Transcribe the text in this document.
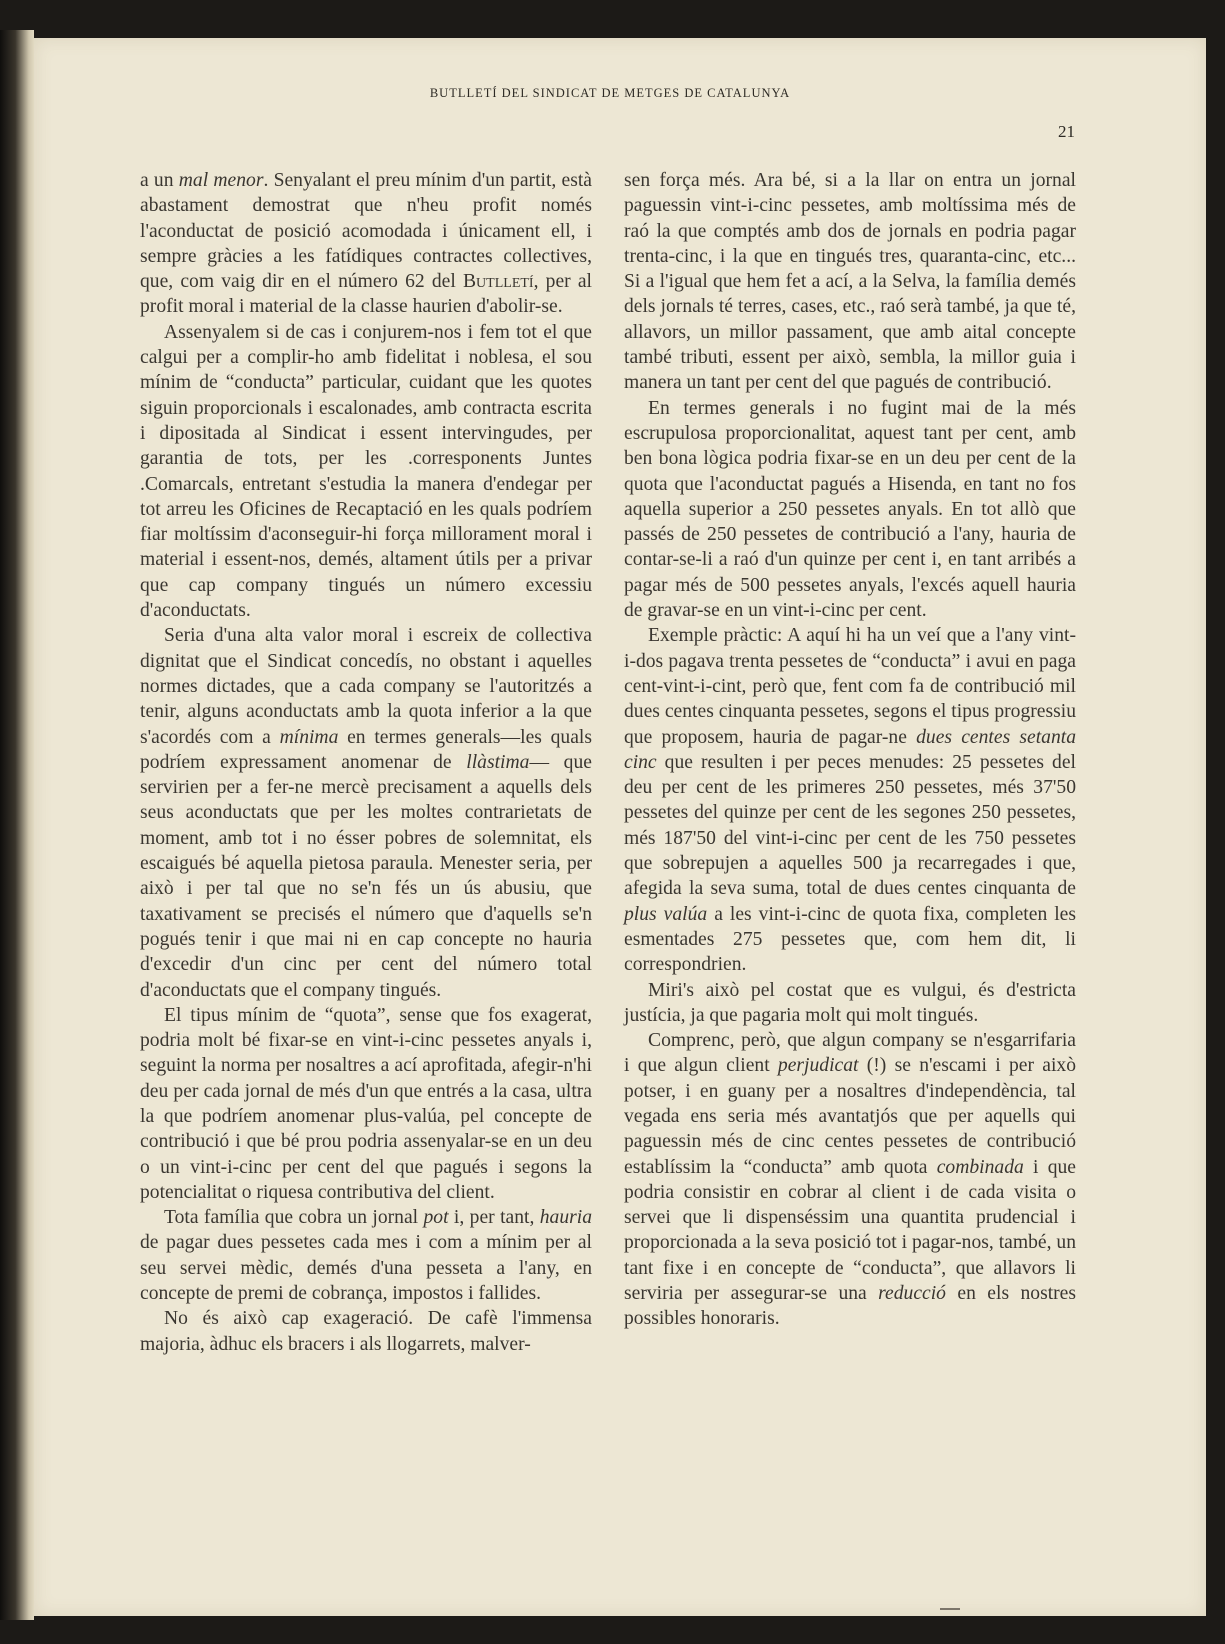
BUTLLETÍ DEL SINDICAT DE METGES DE CATALUNYA
21

a un mal menor. Senyalant el preu mínim d'un partit, està abastament demostrat que n'heu profit només l'aconductat de posició acomodada i únicament ell, i sempre gràcies a les fatídiques contractes collectives, que, com vaig dir en el número 62 del Butlletí, per al profit moral i material de la classe haurien d'abolir-se.

Assenyalem si de cas i conjurem-nos i fem tot el que calgui per a complir-ho amb fidelitat i noblesa, el sou mínim de “conducta” particular, cuidant que les quotes siguin proporcionals i escalonades, amb contracta escrita i dipositada al Sindicat i essent intervingudes, per garantia de tots, per les .corresponents Juntes .Comarcals, entretant s'estudia la manera d'endegar per tot arreu les Oficines de Recaptació en les quals podríem fiar moltíssim d'aconseguir-hi força millorament moral i material i essent-nos, demés, altament útils per a privar que cap company tingués un número excessiu d'aconductats.

Seria d'una alta valor moral i escreix de collectiva dignitat que el Sindicat concedís, no obstant i aquelles normes dictades, que a cada company se l'autoritzés a tenir, alguns aconductats amb la quota inferior a la que s'acordés com a mínima en termes generals—les quals podríem expressament anomenar de llàstima— que servirien per a fer-ne mercè precisament a aquells dels seus aconductats que per les moltes contrarietats de moment, amb tot i no ésser pobres de solemnitat, els escaigués bé aquella pietosa paraula. Menester seria, per això i per tal que no se'n fés un ús abusiu, que taxativament se precisés el número que d'aquells se'n pogués tenir i que mai ni en cap concepte no hauria d'excedir d'un cinc per cent del número total d'aconductats que el company tingués.

El tipus mínim de “quota”, sense que fos exagerat, podria molt bé fixar-se en vint-i-cinc pessetes anyals i, seguint la norma per nosaltres a ací aprofitada, afegir-n'hi deu per cada jornal de més d'un que entrés a la casa, ultra la que podríem anomenar plus-valúa, pel concepte de contribució i que bé prou podria assenyalar-se en un deu o un vint-i-cinc per cent del que pagués i segons la potencialitat o riquesa contributiva del client.

Tota família que cobra un jornal pot i, per tant, hauria de pagar dues pessetes cada mes i com a mínim per al seu servei mèdic, demés d'una pesseta a l'any, en concepte de premi de cobrança, impostos i fallides.

No és això cap exageració. De cafè l'immensa majoria, àdhuc els bracers i als llogarrets, malver-

sen força més. Ara bé, si a la llar on entra un jornal paguessin vint-i-cinc pessetes, amb moltíssima més de raó la que comptés amb dos de jornals en podria pagar trenta-cinc, i la que en tingués tres, quaranta-cinc, etc... Si a l'igual que hem fet a ací, a la Selva, la família demés dels jornals té terres, cases, etc., raó serà també, ja que té, allavors, un millor passament, que amb aital concepte també tributi, essent per això, sembla, la millor guia i manera un tant per cent del que pagués de contribució.

En termes generals i no fugint mai de la més escrupulosa proporcionalitat, aquest tant per cent, amb ben bona lògica podria fixar-se en un deu per cent de la quota que l'aconductat pagués a Hisenda, en tant no fos aquella superior a 250 pessetes anyals. En tot allò que passés de 250 pessetes de contribució a l'any, hauria de contar-se-li a raó d'un quinze per cent i, en tant arribés a pagar més de 500 pessetes anyals, l'excés aquell hauria de gravar-se en un vint-i-cinc per cent.

Exemple pràctic: A aquí hi ha un veí que a l'any vint-i-dos pagava trenta pessetes de “conducta” i avui en paga cent-vint-i-cint, però que, fent com fa de contribució mil dues centes cinquanta pessetes, segons el tipus progressiu que proposem, hauria de pagar-ne dues centes setanta cinc que resulten i per peces menudes: 25 pessetes del deu per cent de les primeres 250 pessetes, més 37'50 pessetes del quinze per cent de les segones 250 pessetes, més 187'50 del vint-i-cinc per cent de les 750 pessetes que sobrepujen a aquelles 500 ja recarregades i que, afegida la seva suma, total de dues centes cinquanta de plus valúa a les vint-i-cinc de quota fixa, completen les esmentades 275 pessetes que, com hem dit, li correspondrien.

Miri's això pel costat que es vulgui, és d'estricta justícia, ja que pagaria molt qui molt tingués.

Comprenc, però, que algun company se n'esgarrifaria i que algun client perjudicat (!) se n'escami i per això potser, i en guany per a nosaltres d'independència, tal vegada ens seria més avantatjós que per aquells qui paguessin més de cinc centes pessetes de contribució establíssim la “conducta” amb quota combinada i que podria consistir en cobrar al client i de cada visita o servei que li dispenséssim una quantita prudencial i proporcionada a la seva posició tot i pagar-nos, també, un tant fixe i en concepte de “conducta”, que allavors li serviria per assegurar-se una reducció en els nostres possibles honoraris.
